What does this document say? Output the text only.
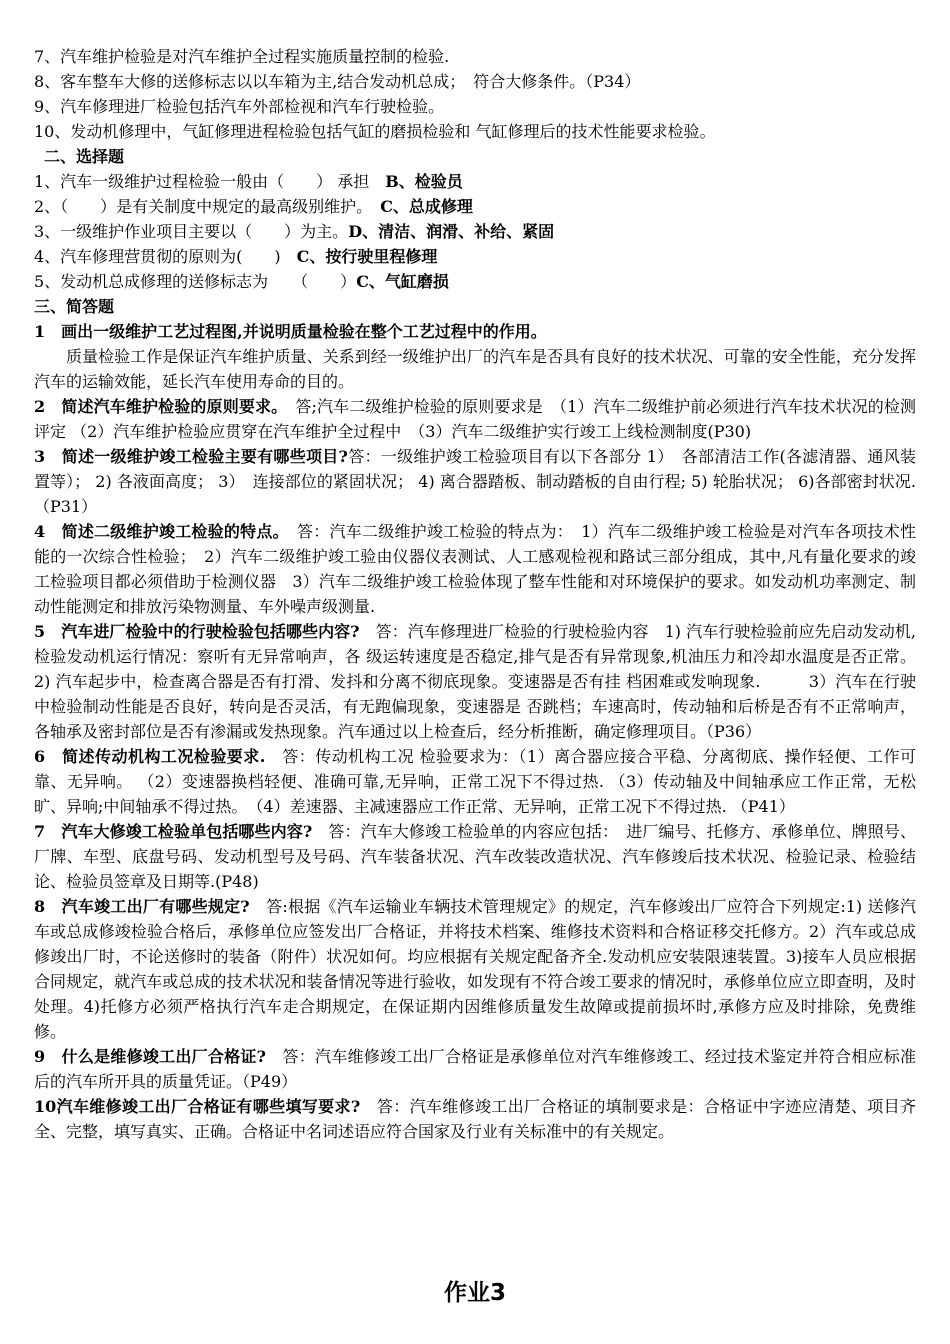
7、汽车维护检验是对汽车维护全过程实施质量控制的检验.
8、客车整车大修的送修标志以以车箱为主,结合发动机总成；　符合大修条件。（P34）
9、汽车修理进厂检验包括汽车外部检视和汽车行驶检验。
10、发动机修理中，气缸修理进程检验包括气缸的磨损检验和 气缸修理后的技术性能要求检验。
二、选择题
1、汽车一级维护过程检验一般由（　　） 承担　B、检验员
2、（　　）是有关制度中规定的最高级别维护。　C、总成修理
3、一级维护作业项目主要以（　　）为主。D、清洁、润滑、补给、紧固
4、汽车修理营贯彻的原则为(　　)　C、按行驶里程修理
5、发动机总成修理的送修标志为　　（　　）C、气缸磨损
三、简答题
1　画出一级维护工艺过程图,并说明质量检验在整个工艺过程中的作用。

质量检验工作是保证汽车维护质量、关系到经一级维护出厂的汽车是否具有良好的技术状况、可靠的安全性能，充分发挥汽车的运输效能，延长汽车使用寿命的目的。

2　简述汽车维护检验的原则要求。　答;汽车二级维护检验的原则要求是　（1）汽车二级维护前必须进行汽车技术状况的检测评定 （2）汽车维护检验应贯穿在汽车维护全过程中　（3）汽车二级维护实行竣工上线检测制度(P30)

3　简述一级维护竣工检验主要有哪些项目?答：一级维护竣工检验项目有以下各部分 1）　各部清洁工作(各滤清器、通风装置等）； 2) 各液面高度； 3）　连接部位的紧固状况； 4) 离合器踏板、制动踏板的自由行程; 5) 轮胎状况； 6)各部密封状况.（P31）

4　简述二级维护竣工检验的特点。　答：汽车二级维护竣工检验的特点为：　1）汽车二级维护竣工检验是对汽车各项技术性能的一次综合性检验；　2）汽车二级维护竣工验由仪器仪表测试、人工感观检视和路试三部分组成，其中,凡有量化要求的竣工检验项目都必须借助于检测仪器　3）汽车二级维护竣工检验体现了整车性能和对环境保护的要求。如发动机功率测定、制动性能测定和排放污染物测量、车外噪声级测量.

5　汽车进厂检验中的行驶检验包括哪些内容?　答：汽车修理进厂检验的行驶检验内容　1) 汽车行驶检验前应先启动发动机,检验发动机运行情况：察听有无异常响声，各 级运转速度是否稳定,排气是否有异常现象,机油压力和冷却水温度是否正常。 2) 汽车起步中，检查离合器是否有打滑、发抖和分离不彻底现象。变速器是否有挂 档困难或发响现象.　　　3）汽车在行驶中检验制动性能是否良好，转向是否灵活，有无跑偏现象，变速器是 否跳档；车速高时，传动轴和后桥是否有不正常响声，各轴承及密封部位是否有渗漏或发热现象。汽车通过以上检查后，经分析推断，确定修理项目。（P36）

6　简述传动机构工况检验要求.　答：传动机构工况 检验要求为：（1）离合器应接合平稳、分离彻底、操作轻便、工作可靠、无异响。 （2）变速器换档轻便、准确可靠,无异响，正常工况下不得过热. （3）传动轴及中间轴承应工作正常，无松旷、异响;中间轴承不得过热。　（4）差速器、主减速器应工作正常、无异响，正常工况下不得过热. （P41）

7　汽车大修竣工检验单包括哪些内容?　答：汽车大修竣工检验单的内容应包括：　进厂编号、托修方、承修单位、牌照号、厂牌、车型、底盘号码、发动机型号及号码、汽车装备状况、汽车改装改造状况、汽车修竣后技术状况、检验记录、检验结论、检验员签章及日期等.(P48)

8　汽车竣工出厂有哪些规定?　答:根据《汽车运输业车辆技术管理规定》的规定，汽车修竣出厂应符合下列规定:1) 送修汽车或总成修竣检验合格后，承修单位应签发出厂合格证，并将技术档案、维修技术资料和合格证移交托修方。2）汽车或总成修竣出厂时，不论送修时的装备（附件）状况如何。均应根据有关规定配备齐全.发动机应安装限速装置。3)接车人员应根据合同规定，就汽车或总成的技术状况和装备情况等进行验收，如发现有不符合竣工要求的情况时，承修单位应立即查明，及时处理。4)托修方必须严格执行汽车走合期规定，在保证期内因维修质量发生故障或提前损坏时,承修方应及时排除，免费维修。

9　什么是维修竣工出厂合格证?　答：汽车维修竣工出厂合格证是承修单位对汽车维修竣工、经过技术鉴定并符合相应标准后的汽车所开具的质量凭证。（P49）

10汽车维修竣工出厂合格证有哪些填写要求?　答：汽车维修竣工出厂合格证的填制要求是：合格证中字迹应清楚、项目齐全、完整，填写真实、正确。合格证中名词述语应符合国家及行业有关标准中的有关规定。

作业3
